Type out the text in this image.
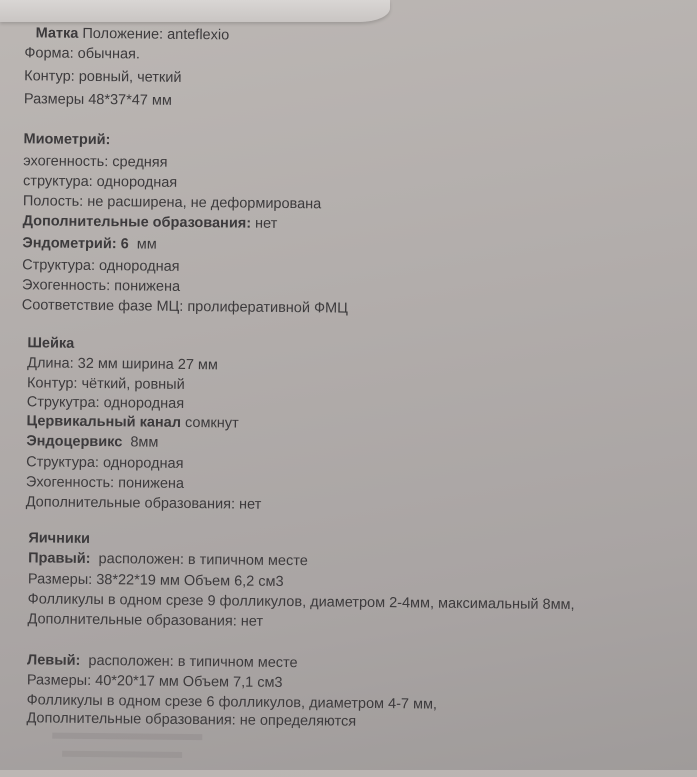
Матка Положение: anteflexio
Форма: обычная.
Контур: ровный, четкий
Размеры 48*37*47 мм
Миометрий:
эхогенность: средняя
структура: однородная
Полость: не расширена, не деформирована
Дополнительные образования: нет
Эндометрий: 6 мм
Структура: однородная
Эхогенность: понижена
Соответствие фазе МЦ: пролиферативной ФМЦ
Шейка
Длина: 32 мм ширина 27 мм
Контур: чёткий, ровный
Струкутра: однородная
Цервикальный канал сомкнут
Эндоцервикс 8мм
Структура: однородная
Эхогенность: понижена
Дополнительные образования: нет
Яичники
Правый: расположен: в типичном месте
Размеры: 38*22*19 мм Объем 6,2 см3
Фолликулы в одном срезе 9 фолликулов, диаметром 2-4мм, максимальный 8мм,
Дополнительные образования: нет
Левый: расположен: в типичном месте
Размеры: 40*20*17 мм Объем 7,1 см3
Фолликулы в одном срезе 6 фолликулов, диаметром 4-7 мм,
Дополнительные образования: не определяются
